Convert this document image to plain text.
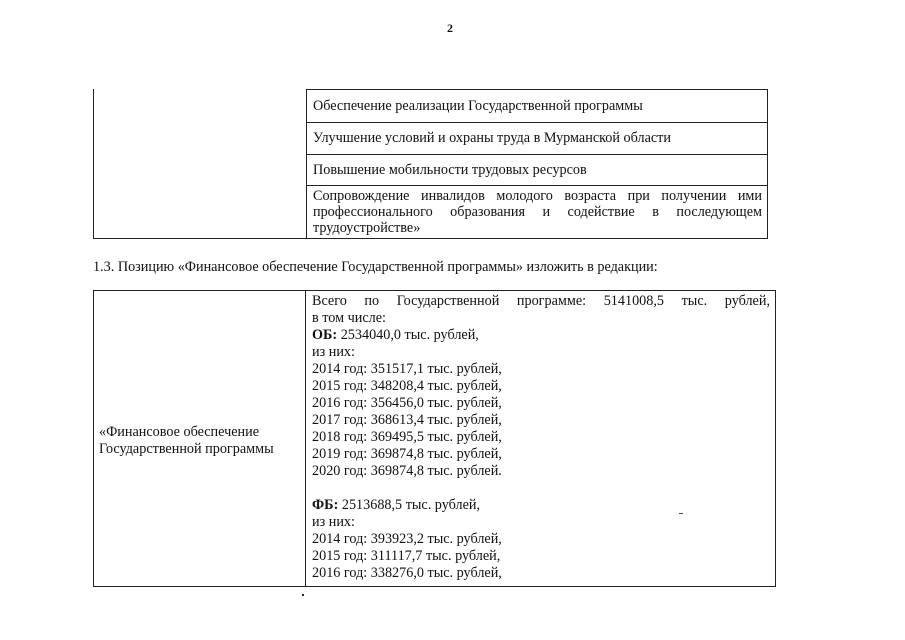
2
Обеспечение реализации Государственной программы
Улучшение условий и охраны труда в Мурманской области
Повышение мобильности трудовых ресурсов
Сопровождение инвалидов молодого возраста при получении ими
профессионального образования и содействие в последующем
трудоустройстве»
1.3. Позицию «Финансовое обеспечение Государственной программы» изложить в редакции:
«Финансовое обеспечение
Государственной программы
Всего по Государственной программе: 5141008,5 тыс. рублей,
в том числе:
ОБ: 2534040,0 тыс. рублей,
из них:
2014 год: 351517,1 тыс. рублей,
2015 год: 348208,4 тыс. рублей,
2016 год: 356456,0 тыс. рублей,
2017 год: 368613,4 тыс. рублей,
2018 год: 369495,5 тыс. рублей,
2019 год: 369874,8 тыс. рублей,
2020 год: 369874,8 тыс. рублей.
ФБ: 2513688,5 тыс. рублей,
из них:
2014 год: 393923,2 тыс. рублей,
2015 год: 311117,7 тыс. рублей,
2016 год: 338276,0 тыс. рублей,
